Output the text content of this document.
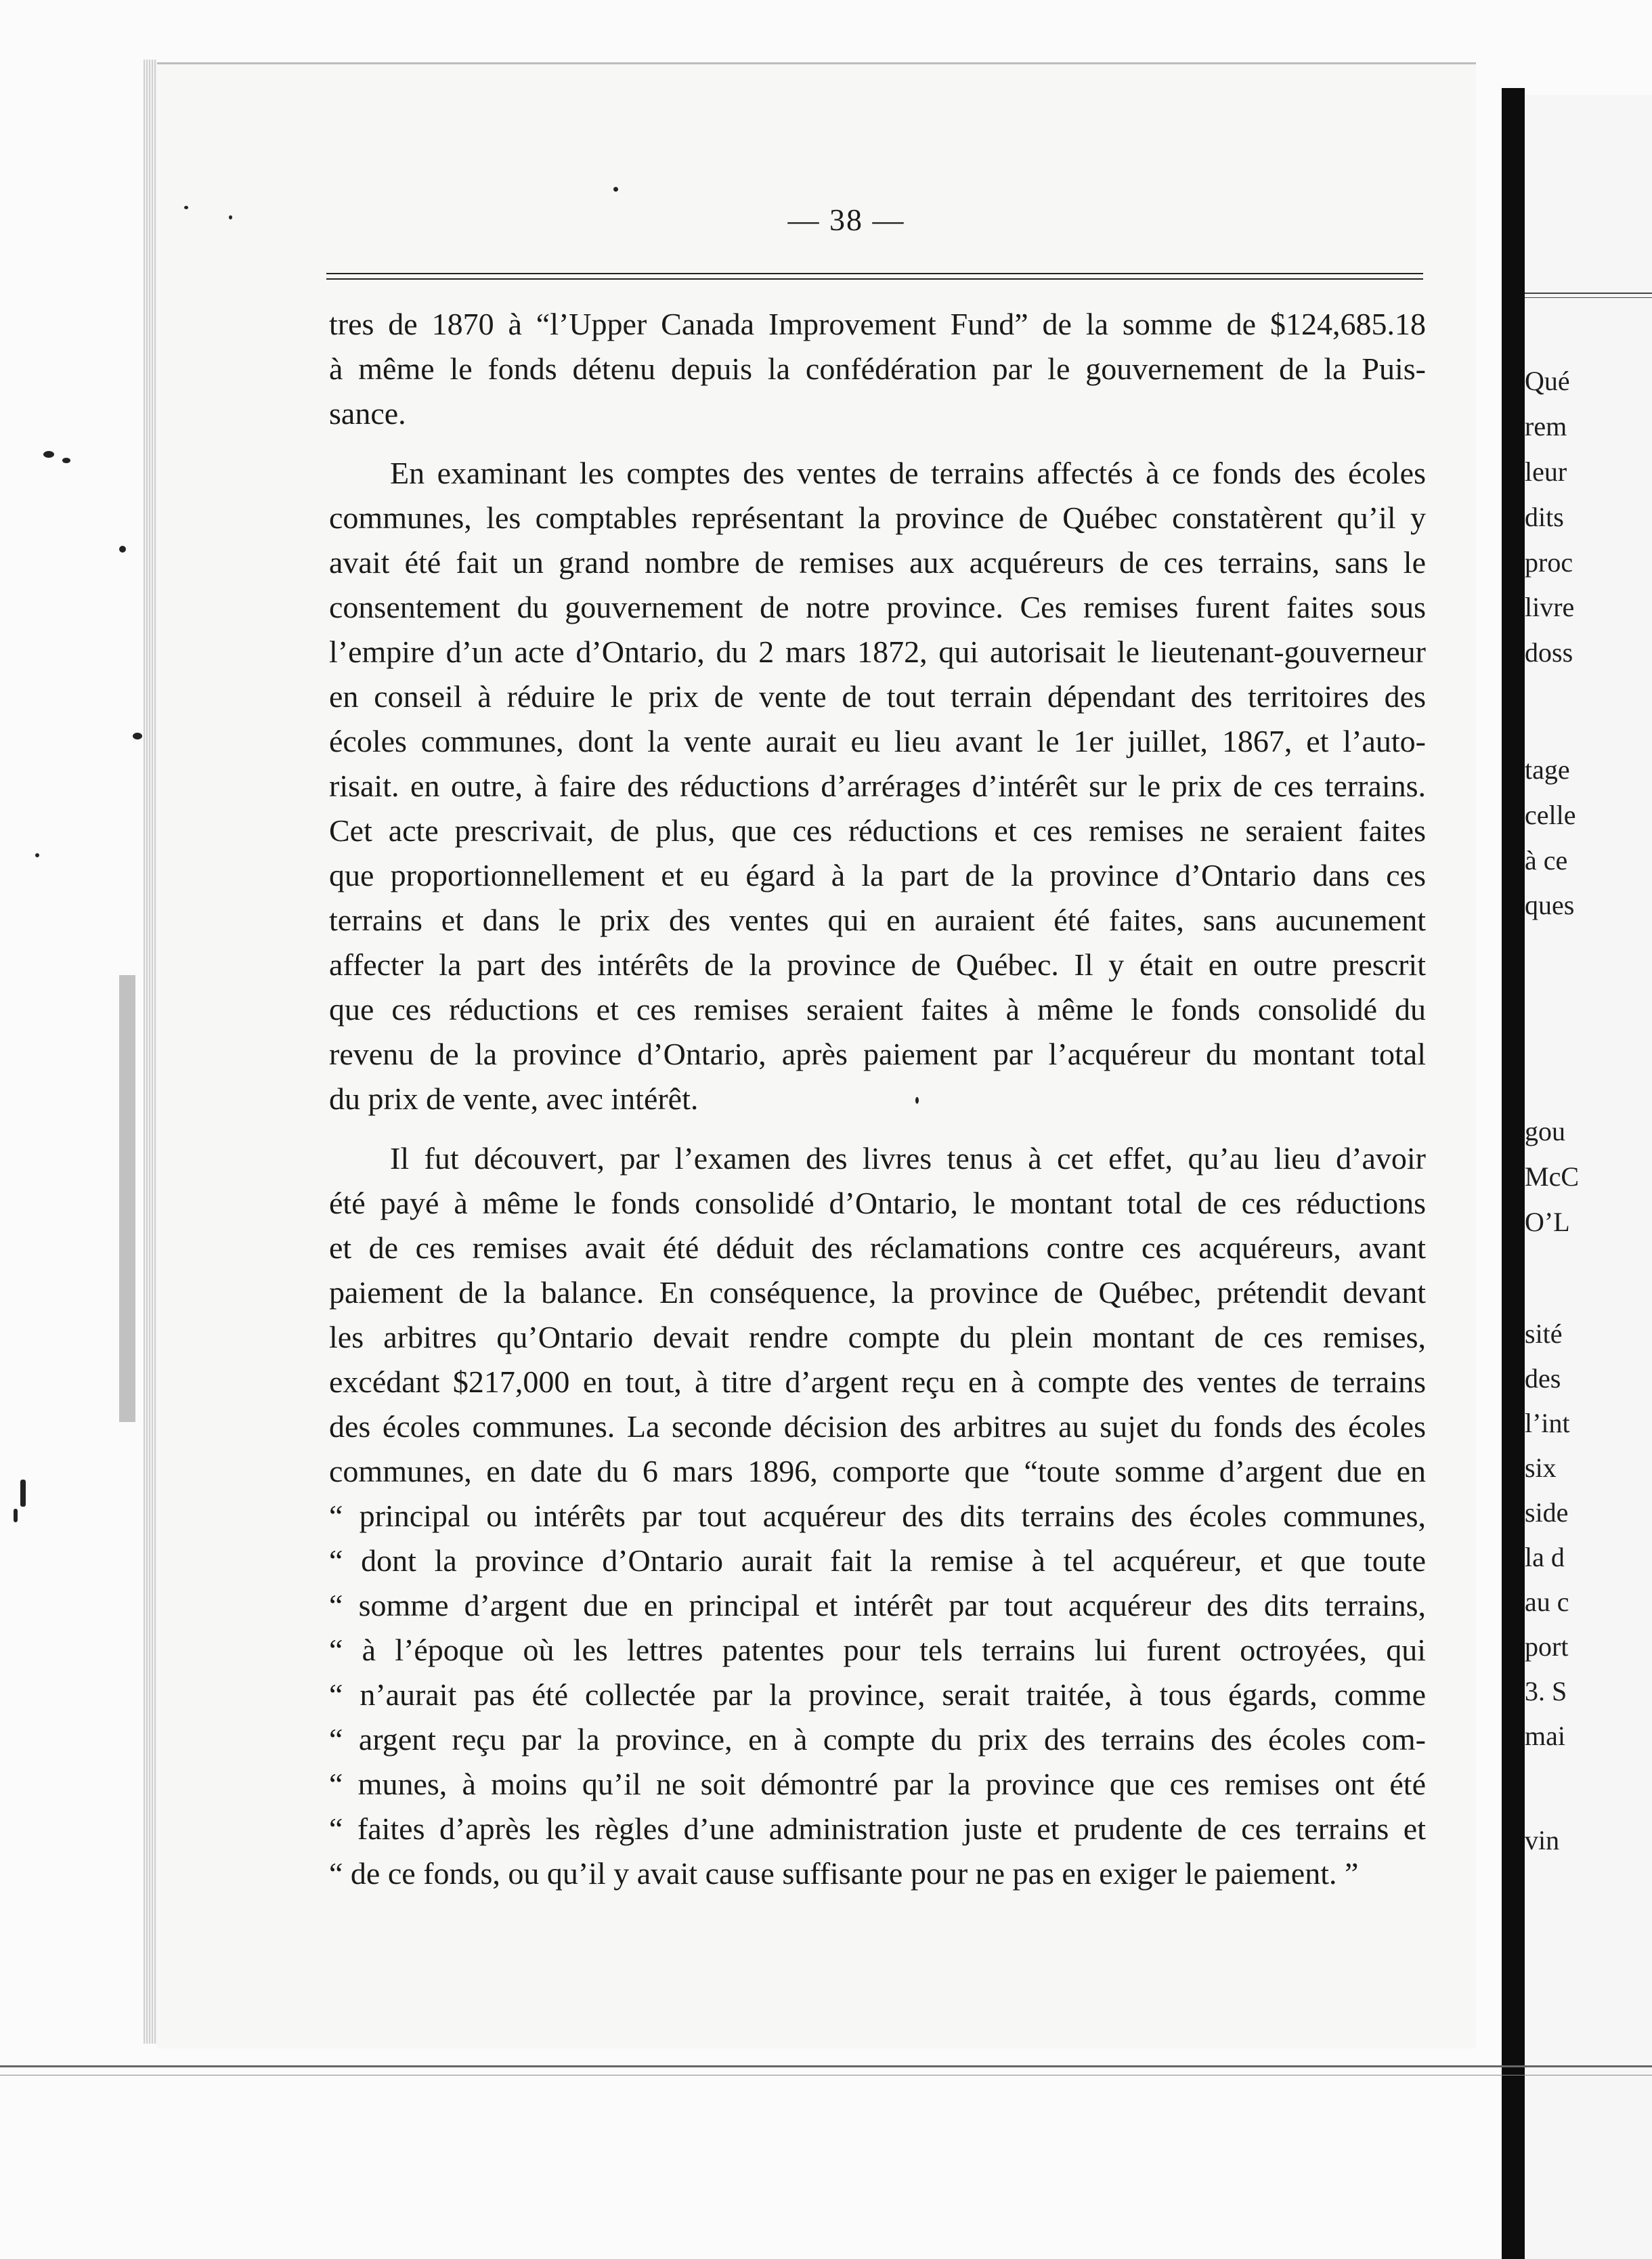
Qué
rem
leur
dits
proc
livre
doss
tage
celle
à ce
ques
gou
McC
O’L
sité
des
l’int
six
side
la d
au c
port
3. S
mai
vin
— 38 —
tres de 1870 à “l’Upper Canada Improvement Fund” de la somme de $124,685.18
à même le fonds détenu depuis la confédération par le gouvernement de la Puis-
sance.
En examinant les comptes des ventes de terrains affectés à ce fonds des écoles
communes, les comptables représentant la province de Québec constatèrent qu’il y
avait été fait un grand nombre de remises aux acquéreurs de ces terrains, sans le
consentement du gouvernement de notre province. Ces remises furent faites sous
l’empire d’un acte d’Ontario, du 2 mars 1872, qui autorisait le lieutenant-gouverneur
en conseil à réduire le prix de vente de tout terrain dépendant des territoires des
écoles communes, dont la vente aurait eu lieu avant le 1er juillet, 1867, et l’auto-
risait. en outre, à faire des réductions d’arrérages d’intérêt sur le prix de ces terrains.
Cet acte prescrivait, de plus, que ces réductions et ces remises ne seraient faites
que proportionnellement et eu égard à la part de la province d’Ontario dans ces
terrains et dans le prix des ventes qui en auraient été faites, sans aucunement
affecter la part des intérêts de la province de Québec. Il y était en outre prescrit
que ces réductions et ces remises seraient faites à même le fonds consolidé du
revenu de la province d’Ontario, après paiement par l’acquéreur du montant total
du prix de vente, avec intérêt.
Il fut découvert, par l’examen des livres tenus à cet effet, qu’au lieu d’avoir
été payé à même le fonds consolidé d’Ontario, le montant total de ces réductions
et de ces remises avait été déduit des réclamations contre ces acquéreurs, avant
paiement de la balance. En conséquence, la province de Québec, prétendit devant
les arbitres qu’Ontario devait rendre compte du plein montant de ces remises,
excédant $217,000 en tout, à titre d’argent reçu en à compte des ventes de terrains
des écoles communes. La seconde décision des arbitres au sujet du fonds des écoles
communes, en date du 6 mars 1896, comporte que “toute somme d’argent due en
“ principal ou intérêts par tout acquéreur des dits terrains des écoles communes,
“ dont la province d’Ontario aurait fait la remise à tel acquéreur, et que toute
“ somme d’argent due en principal et intérêt par tout acquéreur des dits terrains,
“ à l’époque où les lettres patentes pour tels terrains lui furent octroyées, qui
“ n’aurait pas été collectée par la province, serait traitée, à tous égards, comme
“ argent reçu par la province, en à compte du prix des terrains des écoles com-
“ munes, à moins qu’il ne soit démontré par la province que ces remises ont été
“ faites d’après les règles d’une administration juste et prudente de ces terrains et
“ de ce fonds, ou qu’il y avait cause suffisante pour ne pas en exiger le paiement. ”
